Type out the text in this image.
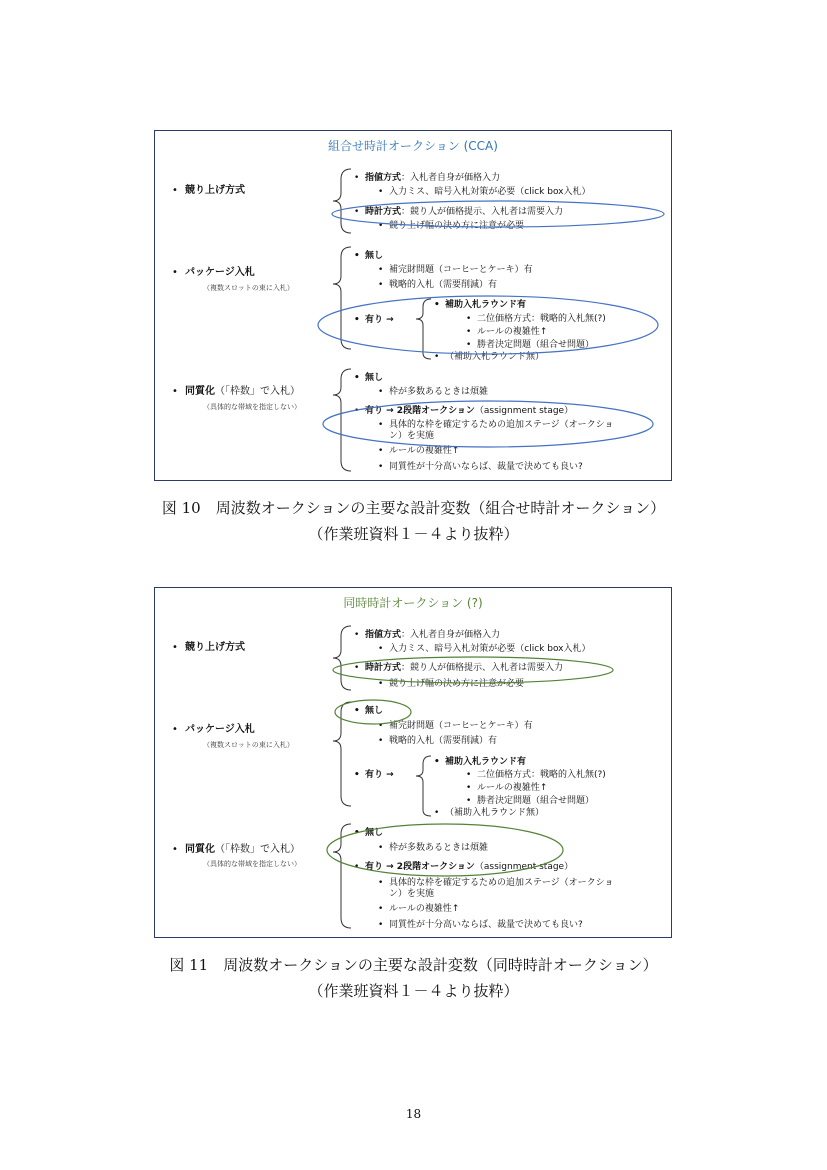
組合せ時計オークション (CCA)
• 競り上げ方式
• パッケージ入札
（複数スロットの束に入札）
• 同質化（「枠数」で入札）
（具体的な帯域を指定しない）
• 指値方式：入札者自身が価格入力
• 入力ミス、暗号入札対策が必要（click box入札）
• 時計方式：競り人が価格提示、入札者は需要入力
• 競り上げ幅の決め方に注意が必要
• 無し
• 補完財問題（コーヒーとケーキ）有
• 戦略的入札（需要削減）有
• 有り →
• 補助入札ラウンド有
• 二位価格方式：戦略的入札無(?)
• ルールの複雑性↑
• 勝者決定問題（組合せ問題）
• （補助入札ラウンド無）
• 無し
• 枠が多数あるときは煩雑
• 有り → 2段階オークション（assignment stage）
• 具体的な枠を確定するための追加ステージ（オークショ
ン）を実施
• ルールの複雑性↑
• 同質性が十分高いならば、裁量で決めても良い?
図 10　周波数オークションの主要な設計変数（組合せ時計オークション）
（作業班資料１－４より抜粋）
同時時計オークション (?)
• 競り上げ方式
• パッケージ入札
（複数スロットの束に入札）
• 同質化（「枠数」で入札）
（具体的な帯域を指定しない）
• 指値方式：入札者自身が価格入力
• 入力ミス、暗号入札対策が必要（click box入札）
• 時計方式：競り人が価格提示、入札者は需要入力
• 競り上げ幅の決め方に注意が必要
• 無し
• 補完財問題（コーヒーとケーキ）有
• 戦略的入札（需要削減）有
• 有り →
• 補助入札ラウンド有
• 二位価格方式：戦略的入札無(?)
• ルールの複雑性↑
• 勝者決定問題（組合せ問題）
• （補助入札ラウンド無）
• 無し
• 枠が多数あるときは煩雑
• 有り → 2段階オークション（assignment stage）
• 具体的な枠を確定するための追加ステージ（オークショ
ン）を実施
• ルールの複雑性↑
• 同質性が十分高いならば、裁量で決めても良い?
図 11　周波数オークションの主要な設計変数（同時時計オークション）
（作業班資料１－４より抜粋）
18
